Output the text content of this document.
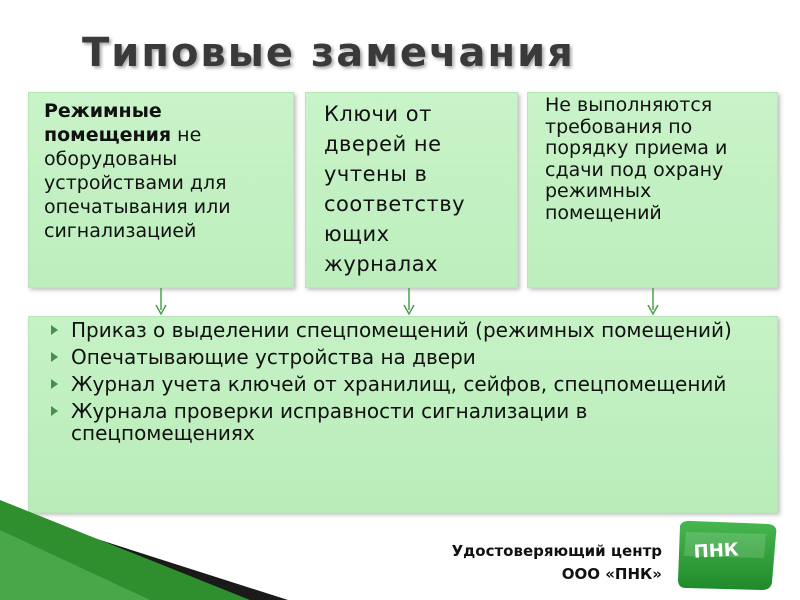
Типовые замечания
Режимные помещения не оборудованы устройствами для опечатывания или сигнализацией
Ключи от дверей не учтены в соответству ющих журналах
Не выполняются требования по порядку приема и сдачи под охрану режимных помещений
Приказ о выделении спецпомещений (режимных помещений)
Опечатывающие устройства на двери
Журнал учета ключей от хранилищ, сейфов, спецпомещений
Журнала проверки исправности сигнализации в спецпомещениях
Удостоверяющий центр
ООО «ПНК»
ПНК
